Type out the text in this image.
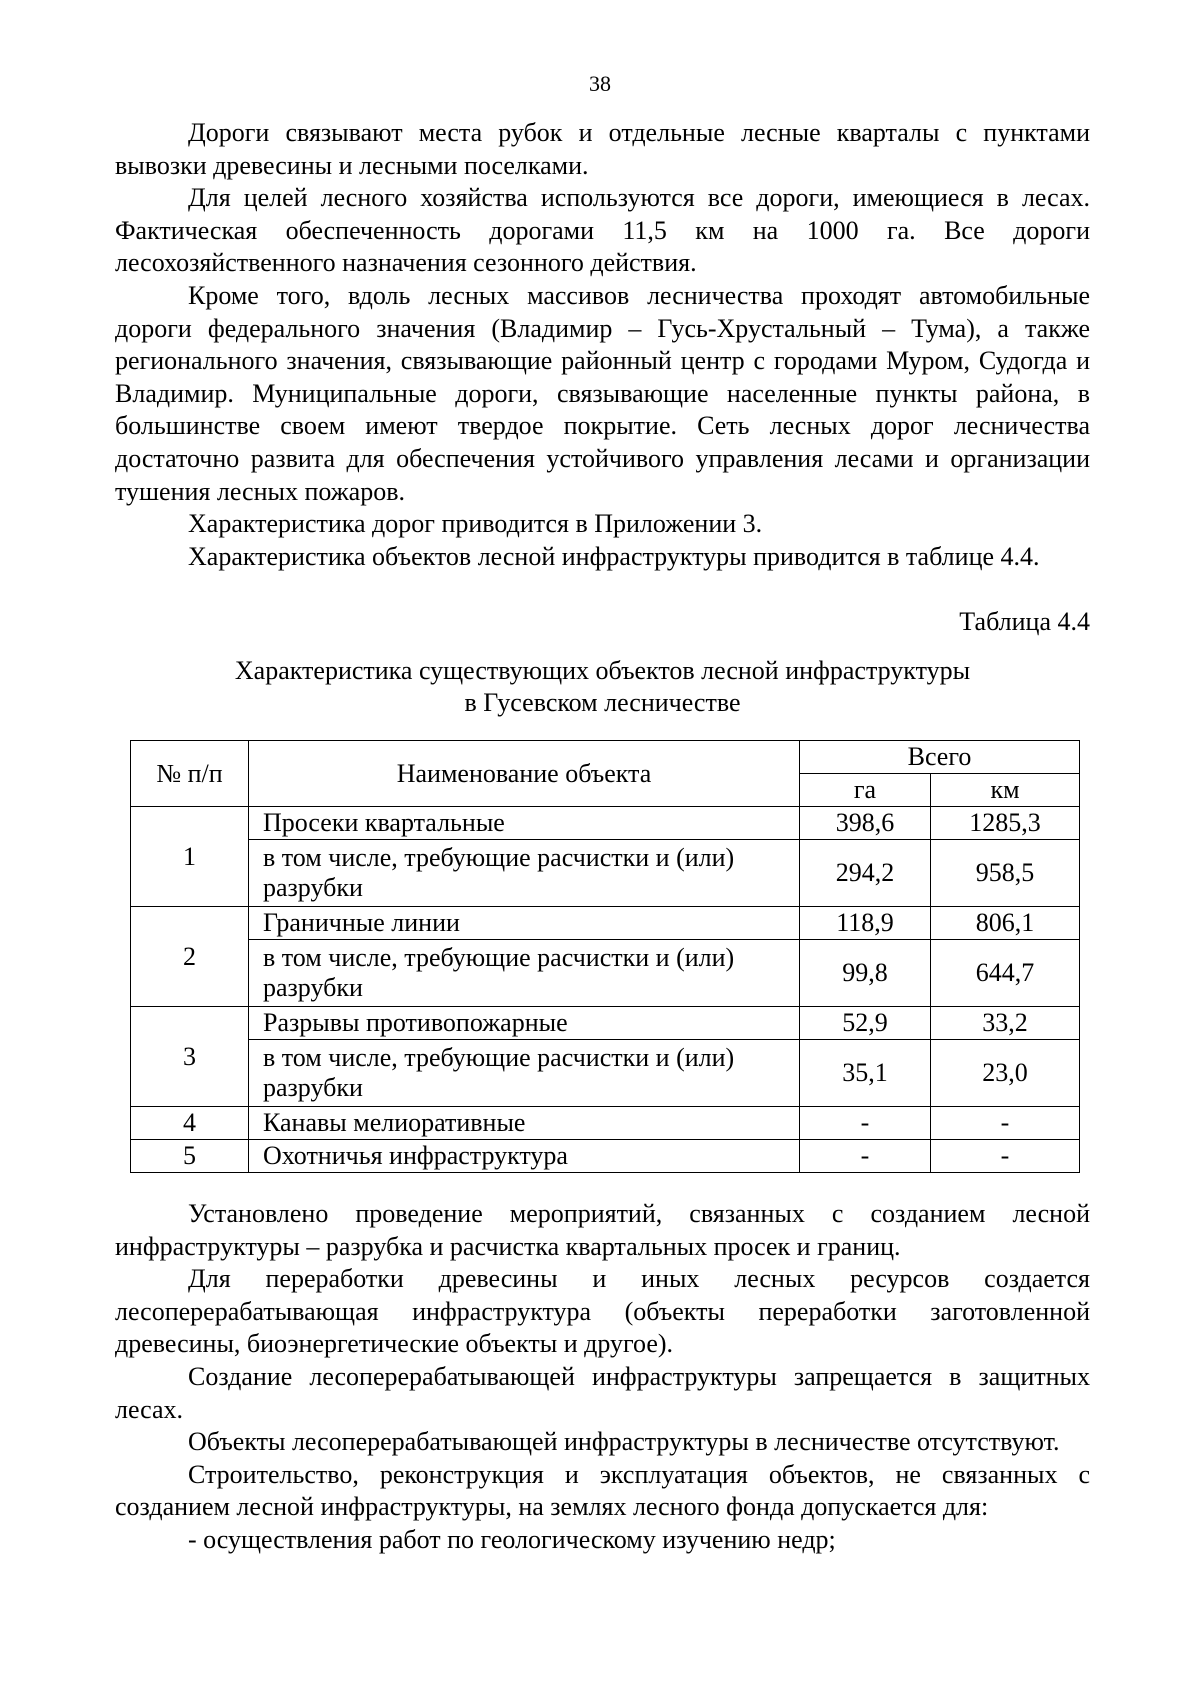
38

Дороги связывают места рубок и отдельные лесные кварталы с пунктами вывозки древесины и лесными поселками.

Для целей лесного хозяйства используются все дороги, имеющиеся в лесах. Фактическая обеспеченность дорогами 11,5 км на 1000 га. Все дороги лесохозяйственного назначения сезонного действия.

Кроме того, вдоль лесных массивов лесничества проходят автомобильные дороги федерального значения (Владимир – Гусь-Хрустальный – Тума), а также регионального значения, связывающие районный центр с городами Муром, Судогда и Владимир. Муниципальные дороги, связывающие населенные пункты района, в большинстве своем имеют твердое покрытие. Сеть лесных дорог лесничества достаточно развита для обеспечения устойчивого управления лесами и организации тушения лесных пожаров.

Характеристика дорог приводится в Приложении 3.

Характеристика объектов лесной инфраструктуры приводится в таблице 4.4.

Таблица 4.4
Характеристика существующих объектов лесной инфраструктуры
в Гусевском лесничестве
№ п/п	Наименование объекта	Всего	
		га	км
1	Просеки квартальные	398,6	1285,3
	в том числе, требующие расчистки и (или) разрубки	294,2	958,5
2	Граничные линии	118,9	806,1
	в том числе, требующие расчистки и (или) разрубки	99,8	644,7
3	Разрывы противопожарные	52,9	33,2
	в том числе, требующие расчистки и (или) разрубки	35,1	23,0
4	Канавы мелиоративные	-	-
5	Охотничья инфраструктура	-	-

Установлено проведение мероприятий, связанных с созданием лесной инфраструктуры – разрубка и расчистка квартальных просек и границ.

Для переработки древесины и иных лесных ресурсов создается лесоперерабатывающая инфраструктура (объекты переработки заготовленной древесины, биоэнергетические объекты и другое).

Создание лесоперерабатывающей инфраструктуры запрещается в защитных лесах.

Объекты лесоперерабатывающей инфраструктуры в лесничестве отсутствуют.

Строительство, реконструкция и эксплуатация объектов, не связанных с созданием лесной инфраструктуры, на землях лесного фонда допускается для:

- осуществления работ по геологическому изучению недр;
